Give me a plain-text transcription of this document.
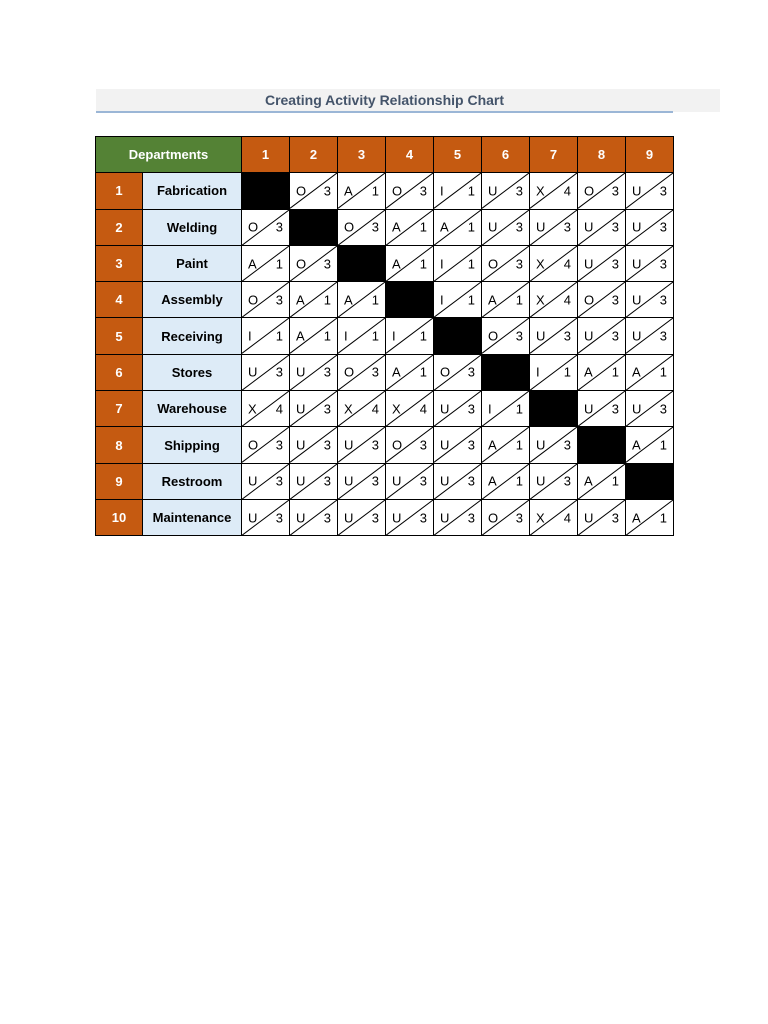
Creating Activity Relationship Chart
Departments		1	2	3	4	5	6	7	8	9
1	Fabrication		O 3	A 1	O 3	I 1	U 3	X 4	O 3	U 3

2	Welding	O 3		O 3	A 1	A 1	U 3	U 3	U 3	U 3

3	Paint	A 1	O 3		A 1	I 1	O 3	X 4	U 3	U 3

4	Assembly	O 3	A 1	A 1		I 1	A 1	X 4	O 3	U 3

5	Receiving	I 1	A 1	I 1	I 1		O 3	U 3	U 3	U 3

6	Stores	U 3	U 3	O 3	A 1	O 3		I 1	A 1	A 1

7	Warehouse	X 4	U 3	X 4	X 4	U 3	I 1		U 3	U 3

8	Shipping	O 3	U 3	U 3	O 3	U 3	A 1	U 3		A 1

9	Restroom	U 3	U 3	U 3	U 3	U 3	A 1	U 3	A 1	

10	Maintenance	U 3	U 3	U 3	U 3	U 3	O 3	X 4	U 3	A 1
